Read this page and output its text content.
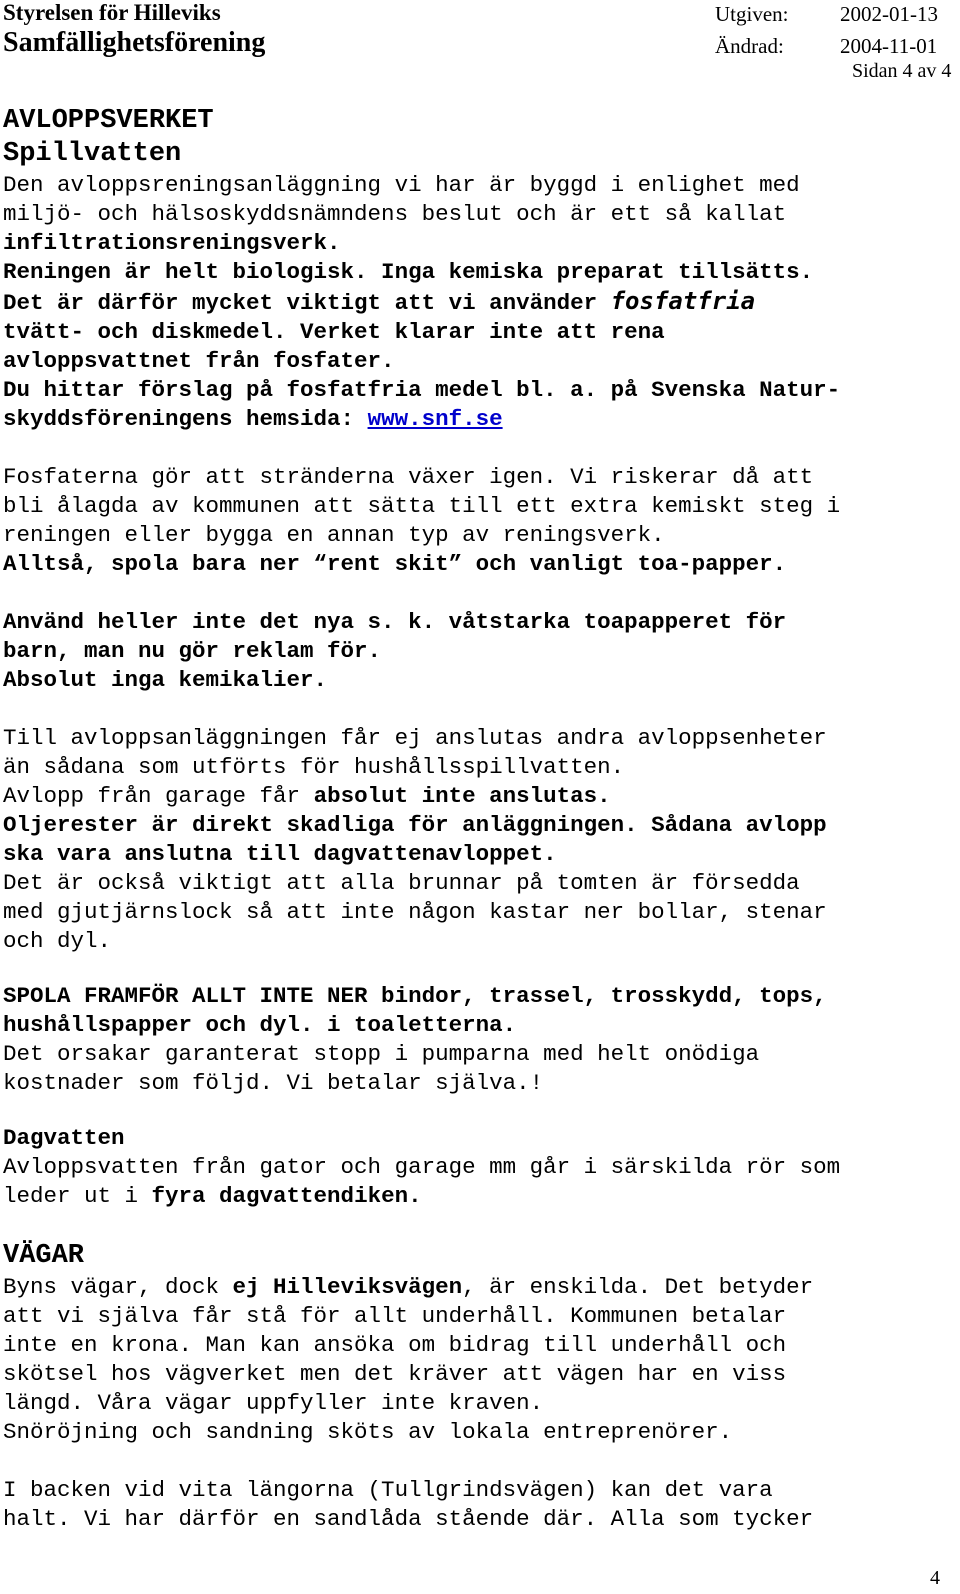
Styrelsen för Hilleviks
Samfällighetsförening
Utgiven: 2002-01-13
Ändrad:	2004-11-01
Sidan 4 av 4

AVLOPPSVERKET

Spillvatten

Den avloppsreningsanläggning vi har är byggd i enlighet med

miljö- och hälsoskyddsnämndens beslut och är ett så kallat

infiltrationsreningsverk.

Reningen är helt biologisk. Inga kemiska preparat tillsätts.

Det är därför mycket viktigt att vi använder fosfatfria

tvätt- och diskmedel. Verket klarar inte att rena

avloppsvattnet från fosfater.

Du hittar förslag på fosfatfria medel bl. a. på Svenska Natur-

skyddsföreningens hemsida: www.snf.se

Fosfaterna gör att stränderna växer igen. Vi riskerar då att

bli ålagda av kommunen att sätta till ett extra kemiskt steg i

reningen eller bygga en annan typ av reningsverk.

Alltså, spola bara ner “rent skit” och vanligt toa-papper.

Använd heller inte det nya s. k. våtstarka toapapperet för

barn, man nu gör reklam för.

Absolut inga kemikalier.

Till avloppsanläggningen får ej anslutas andra avloppsenheter

än sådana som utförts för hushållsspillvatten.

Avlopp från garage får absolut inte anslutas.

Oljerester är direkt skadliga för anläggningen. Sådana avlopp

ska vara anslutna till dagvattenavloppet.

Det är också viktigt att alla brunnar på tomten är försedda

med gjutjärnslock så att inte någon kastar ner bollar, stenar

och dyl.

SPOLA FRAMFÖR ALLT INTE NER bindor, trassel, trosskydd, tops,

hushållspapper och dyl. i toaletterna.

Det orsakar garanterat stopp i pumparna med helt onödiga

kostnader som följd. Vi betalar själva.!

Dagvatten

Avloppsvatten från gator och garage mm går i särskilda rör som

leder ut i fyra dagvattendiken.

VÄGAR

Byns vägar, dock ej Hilleviksvägen, är enskilda. Det betyder

att vi själva får stå för allt underhåll. Kommunen betalar

inte en krona. Man kan ansöka om bidrag till underhåll och

skötsel hos vägverket men det kräver att vägen har en viss

längd. Våra vägar uppfyller inte kraven.

Snöröjning och sandning sköts av lokala entreprenörer.

I backen vid vita längorna (Tullgrindsvägen) kan det vara

halt. Vi har därför en sandlåda stående där. Alla som tycker

4
